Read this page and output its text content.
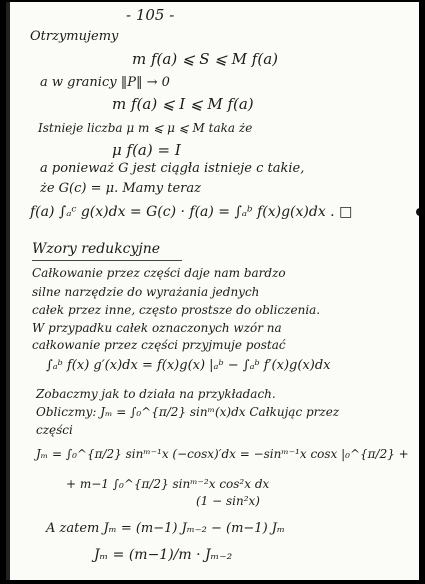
- 105 -
Otrzymujemy
m f(a) ⩽ S ⩽ M f(a)
a w granicy ‖P‖ → 0
m f(a) ⩽ I ⩽ M f(a)
Istnieje liczba μ m ⩽ μ ⩽ M taka że
μ f(a) = I
a ponieważ G jest ciągła istnieje c takie,
że G(c) = μ. Mamy teraz
f(a) ∫ₐᶜ g(x)dx = G(c) · f(a) = ∫ₐᵇ f(x)g(x)dx . □
Wzory redukcyjne
Całkowanie przez części daje nam bardzo
silne narzędzie do wyrażania jednych
całek przez inne, często prostsze do obliczenia.
W przypadku całek oznaczonych wzór na
całkowanie przez części przyjmuje postać
∫ₐᵇ f(x) g′(x)dx = f(x)g(x) |ₐᵇ − ∫ₐᵇ f′(x)g(x)dx
Zobaczmy jak to działa na przykładach.
Obliczmy: Jₘ = ∫₀^{π/2} sinᵐ(x)dx Całkując przez
części
Jₘ = ∫₀^{π/2} sinᵐ⁻¹x (−cosx)′dx = −sinᵐ⁻¹x cosx |₀^{π/2} +
+ m−1 ∫₀^{π/2} sinᵐ⁻²x cos²x dx
(1 − sin²x)
A zatem Jₘ = (m−1) Jₘ₋₂ − (m−1) Jₘ
Jₘ = (m−1)/m · Jₘ₋₂
